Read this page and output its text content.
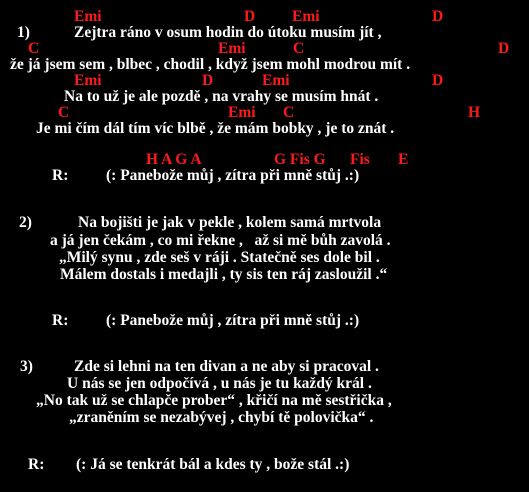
Emi	D Emi	D
1)	Zejtra ráno v osum hodin do útoku musím jít ,
C	Emi	C	D
že já jsem sem , blbec , chodil , když jsem mohl modrou mít .
Emi	D	Emi	D
Na to už je ale pozdě , na vrahy se musím hnát .
C	Emi C	H
Je mi čím dál tím víc blbě , že mám bobky , je to znát .
H A G A	G Fis G Fis E
R: (: Panebože můj , zítra při mně stůj .:)
2)	Na bojišti je jak v pekle , kolem samá mrtvola
a já jen čekám , co mi řekne ,   až si mě bůh zavolá .
„Milý synu , zde seš v ráji . Statečně ses dole bil .
Málem dostals i medajli , ty sis ten ráj zasloužil .“
R: (: Panebože můj , zítra při mně stůj .:)
3)	Zde si lehni na ten divan a ne aby si pracoval .
U nás se jen odpočívá , u nás je tu každý král .
„No tak už se chlapče prober“ , křičí na mě sestřička ,
„zraněním se nezabývej , chybí tě polovička“ .
R: (: Já se tenkrát bál a kdes ty , bože stál .:)
